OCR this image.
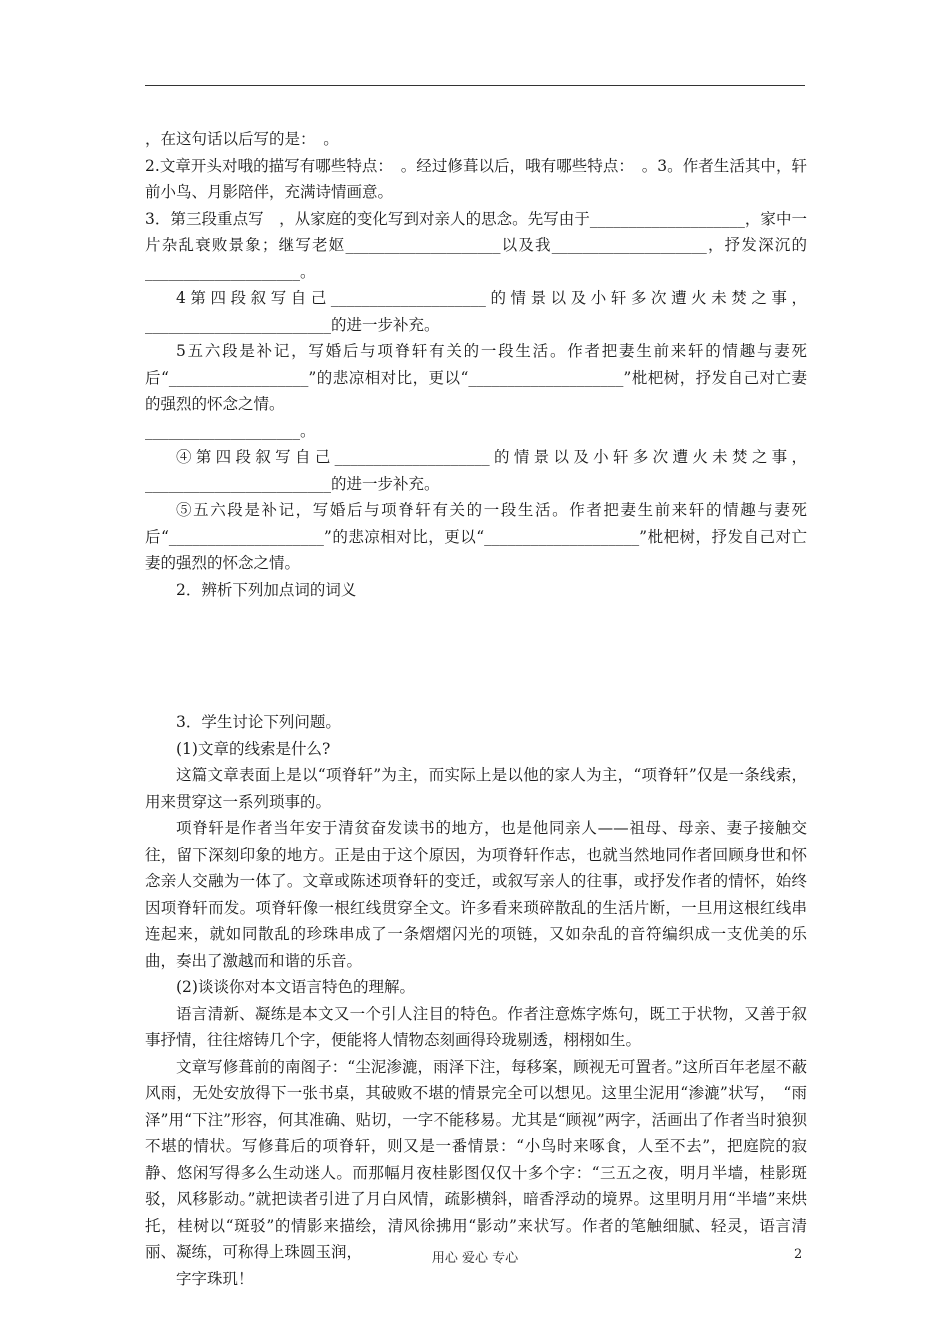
，在这句话以后写的是：　。

2.文章开头对哦的描写有哪些特点：　。经过修葺以后，哦有哪些特点：　。3。作者生活其中，轩前小鸟、月影陪伴，充满诗情画意。

3．第三段重点写　，从家庭的变化写到对亲人的思念。先写由于____________________，家中一片杂乱衰败景象；继写老妪____________________以及我____________________，抒发深沉的____________________。

4第四段叙写自己____________________的情景以及小轩多次遭火未焚之事，________________________的进一步补充。

5五六段是补记，写婚后与项脊轩有关的一段生活。作者把妻生前来轩的情趣与妻死后“__________________”的悲凉相对比，更以“____________________”枇杷树，抒发自己对亡妻的强烈的怀念之情。

____________________。

④第四段叙写自己____________________的情景以及小轩多次遭火未焚之事，________________________的进一步补充。

⑤五六段是补记，写婚后与项脊轩有关的一段生活。作者把妻生前来轩的情趣与妻死后“____________________”的悲凉相对比，更以“____________________”枇杷树，抒发自己对亡妻的强烈的怀念之情。

2．辨析下列加点词的词义

3．学生讨论下列问题。

(1)文章的线索是什么?

这篇文章表面上是以“项脊轩”为主，而实际上是以他的家人为主，“项脊轩”仅是一条线索，用来贯穿这一系列琐事的。

项脊轩是作者当年安于清贫奋发读书的地方，也是他同亲人——祖母、母亲、妻子接触交往，留下深刻印象的地方。正是由于这个原因，为项脊轩作志，也就当然地同作者回顾身世和怀念亲人交融为一体了。文章或陈述项脊轩的变迁，或叙写亲人的往事，或抒发作者的情怀，始终因项脊轩而发。项脊轩像一根红线贯穿全文。许多看来琐碎散乱的生活片断，一旦用这根红线串连起来，就如同散乱的珍珠串成了一条熠熠闪光的项链，又如杂乱的音符编织成一支优美的乐曲，奏出了激越而和谐的乐音。

(2)谈谈你对本文语言特色的理解。

语言清新、凝练是本文又一个引人注目的特色。作者注意炼字炼句，既工于状物，又善于叙事抒情，往往熔铸几个字，便能将人情物态刻画得玲珑剔透，栩栩如生。

文章写修葺前的南阁子：“尘泥渗漉，雨泽下注，每移案，顾视无可置者。”这所百年老屋不蔽风雨，无处安放得下一张书桌，其破败不堪的情景完全可以想见。这里尘泥用“渗漉”状写，　“雨泽”用“下注”形容，何其准确、贴切，一字不能移易。尤其是“顾视”两字，活画出了作者当时狼狈不堪的情状。写修葺后的项脊轩，则又是一番情景：“小鸟时来啄食，人至不去”，把庭院的寂静、悠闲写得多么生动迷人。而那幅月夜桂影图仅仅十多个字：“三五之夜，明月半墙，桂影斑驳，风移影动。”就把读者引进了月白风情，疏影横斜，暗香浮动的境界。这里明月用“半墙”来烘托，桂树以“斑驳”的情影来描绘，清风徐拂用“影动”来状写。作者的笔触细腻、轻灵，语言清丽、凝练，可称得上珠圆玉润，

字字珠玑！

用心 爱心 专心	2
